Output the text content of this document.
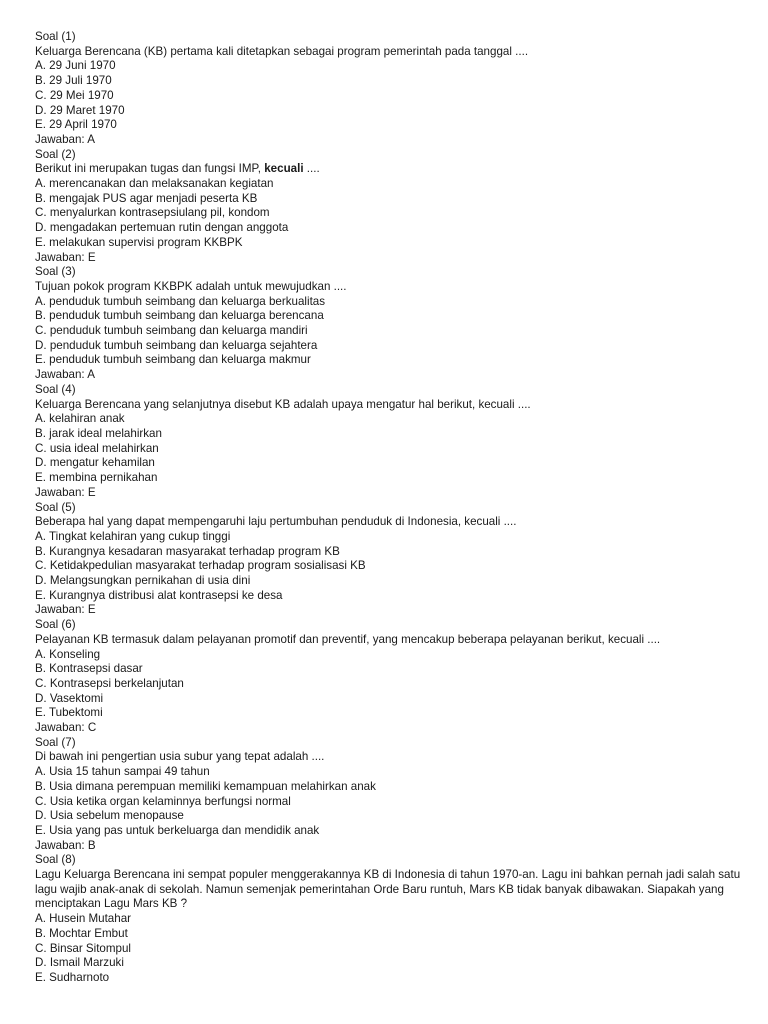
Soal (1)

Keluarga Berencana (KB) pertama kali ditetapkan sebagai program pemerintah pada tanggal ....

A. 29 Juni 1970

B. 29 Juli 1970

C. 29 Mei 1970

D. 29 Maret 1970

E. 29 April 1970

Jawaban: A

Soal (2)

Berikut ini merupakan tugas dan fungsi IMP, kecuali ....

A. merencanakan dan melaksanakan kegiatan

B. mengajak PUS agar menjadi peserta KB

C. menyalurkan kontrasepsiulang pil, kondom

D. mengadakan pertemuan rutin dengan anggota

E. melakukan supervisi program KKBPK

Jawaban: E

Soal (3)

Tujuan pokok program KKBPK adalah untuk mewujudkan ....

A. penduduk tumbuh seimbang dan keluarga berkualitas

B. penduduk tumbuh seimbang dan keluarga berencana

C. penduduk tumbuh seimbang dan keluarga mandiri

D. penduduk tumbuh seimbang dan keluarga sejahtera

E. penduduk tumbuh seimbang dan keluarga makmur

Jawaban: A

Soal (4)

Keluarga Berencana yang selanjutnya disebut KB adalah upaya mengatur hal berikut, kecuali ....

A. kelahiran anak

B. jarak ideal melahirkan

C. usia ideal melahirkan

D. mengatur kehamilan

E. membina pernikahan

Jawaban: E

Soal (5)

Beberapa hal yang dapat mempengaruhi laju pertumbuhan penduduk di Indonesia, kecuali ....

A. Tingkat kelahiran yang cukup tinggi

B. Kurangnya kesadaran masyarakat terhadap program KB

C. Ketidakpedulian masyarakat terhadap program sosialisasi KB

D. Melangsungkan pernikahan di usia dini

E. Kurangnya distribusi alat kontrasepsi ke desa

Jawaban: E

Soal (6)

Pelayanan KB termasuk dalam pelayanan promotif dan preventif, yang mencakup beberapa pelayanan berikut, kecuali ....

A. Konseling

B. Kontrasepsi dasar

C. Kontrasepsi berkelanjutan

D. Vasektomi

E. Tubektomi

Jawaban: C

Soal (7)

Di bawah ini pengertian usia subur yang tepat adalah ....

A. Usia 15 tahun sampai 49 tahun

B. Usia dimana perempuan memiliki kemampuan melahirkan anak

C. Usia ketika organ kelaminnya berfungsi normal

D. Usia sebelum menopause

E. Usia yang pas untuk berkeluarga dan mendidik anak

Jawaban: B

Soal (8)

Lagu Keluarga Berencana ini sempat populer menggerakannya KB di Indonesia di tahun 1970-an. Lagu ini bahkan pernah jadi salah satu lagu wajib anak-anak di sekolah. Namun semenjak pemerintahan Orde Baru runtuh, Mars KB tidak banyak dibawakan. Siapakah yang menciptakan Lagu Mars KB ?

A. Husein Mutahar

B. Mochtar Embut

C. Binsar Sitompul

D. Ismail Marzuki

E. Sudharnoto
